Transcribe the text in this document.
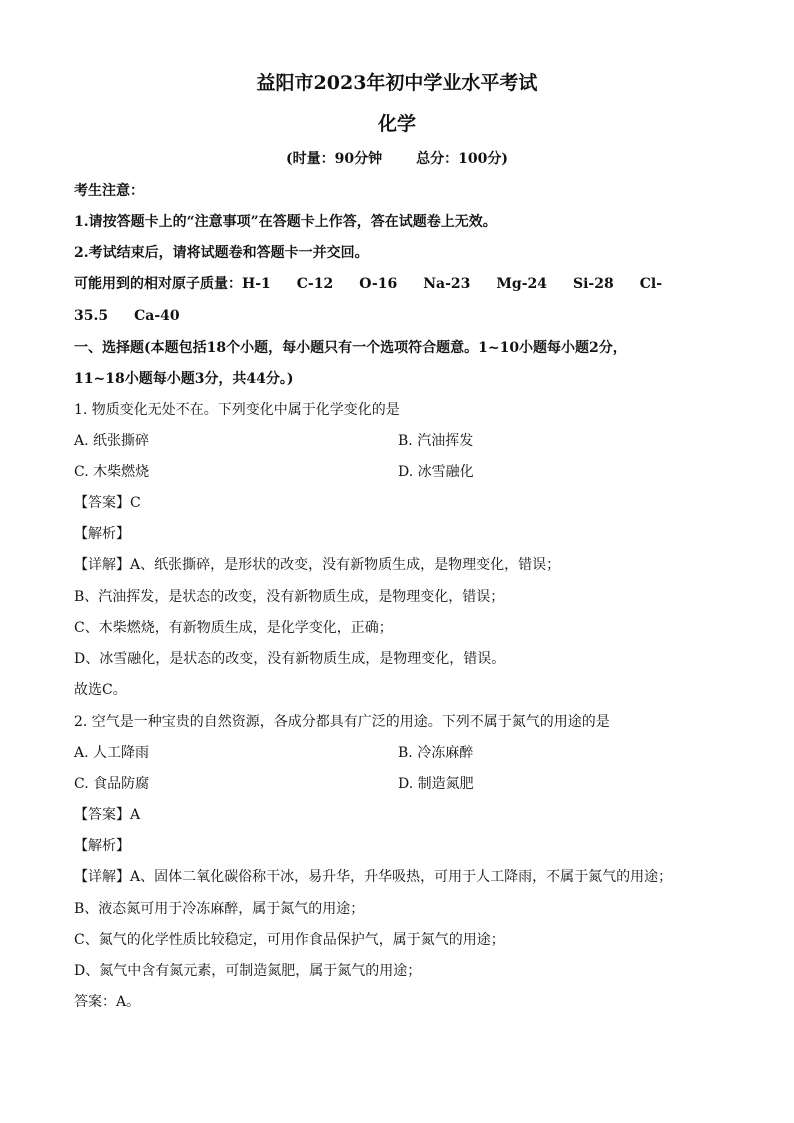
益阳市2023年初中学业水平考试
化学
(时量：90分钟 总分：100分)
考生注意：
1.请按答题卡上的“注意事项”在答题卡上作答，答在试题卷上无效。
2.考试结束后，请将试题卷和答题卡一并交回。
可能用到的相对原子质量：H-1 C-12 O-16 Na-23 Mg-24 Si-28 Cl-
35.5 Ca-40
一、选择题(本题包括18个小题，每小题只有一个选项符合题意。1~10小题每小题2分，
11~18小题每小题3分，共44分。)
1. 物质变化无处不在。下列变化中属于化学变化的是
A. 纸张撕碎	B. 汽油挥发
C. 木柴燃烧	D. 冰雪融化
【答案】C
【解析】
【详解】A、纸张撕碎，是形状的改变，没有新物质生成，是物理变化，错误；
B、汽油挥发，是状态的改变，没有新物质生成，是物理变化，错误；
C、木柴燃烧，有新物质生成，是化学变化，正确；
D、冰雪融化，是状态的改变，没有新物质生成，是物理变化，错误。
故选C。
2. 空气是一种宝贵的自然资源，各成分都具有广泛的用途。下列不属于氮气的用途的是
A. 人工降雨	B. 冷冻麻醉
C. 食品防腐	D. 制造氮肥
【答案】A
【解析】
【详解】A、固体二氧化碳俗称干冰，易升华，升华吸热，可用于人工降雨，不属于氮气的用途；
B、液态氮可用于冷冻麻醉，属于氮气的用途；
C、氮气的化学性质比较稳定，可用作食品保护气，属于氮气的用途；
D、氮气中含有氮元素，可制造氮肥，属于氮气的用途；
答案：A。
